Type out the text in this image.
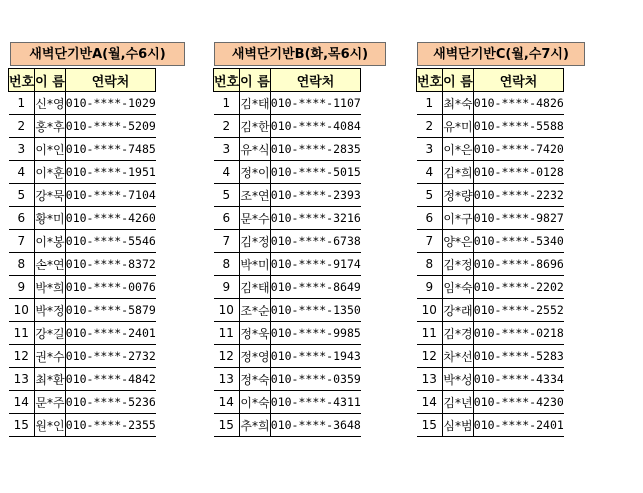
새벽단기반A(월,수6시)
번호	이 름	연락처
1	신*영	010-****-1029
2	홍*후	010-****-5209
3	이*인	010-****-7485
4	이*훈	010-****-1951
5	강*묵	010-****-7104
6	황*미	010-****-4260
7	이*봉	010-****-5546
8	손*연	010-****-8372
9	박*희	010-****-0076
10	박*정	010-****-5879
11	강*길	010-****-2401
12	권*수	010-****-2732
13	최*환	010-****-4842
14	문*주	010-****-5236
15	원*인	010-****-2355
새벽단기반B(화,목6시)
번호	이 름	연락처
1	김*태	010-****-1107
2	김*한	010-****-4084
3	유*식	010-****-2835
4	정*이	010-****-5015
5	조*연	010-****-2393
6	문*수	010-****-3216
7	김*정	010-****-6738
8	박*미	010-****-9174
9	김*태	010-****-8649
10	조*순	010-****-1350
11	정*욱	010-****-9985
12	정*영	010-****-1943
13	정*숙	010-****-0359
14	이*숙	010-****-4311
15	추*희	010-****-3648
새벽단기반C(월,수7시)
번호	이 름	연락처
1	최*숙	010-****-4826
2	유*미	010-****-5588
3	이*은	010-****-7420
4	김*희	010-****-0128
5	정*량	010-****-2232
6	이*구	010-****-9827
7	양*은	010-****-5340
8	김*정	010-****-8696
9	임*숙	010-****-2202
10	강*래	010-****-2552
11	김*경	010-****-0218
12	차*선	010-****-5283
13	박*성	010-****-4334
14	김*년	010-****-4230
15	심*범	010-****-2401
